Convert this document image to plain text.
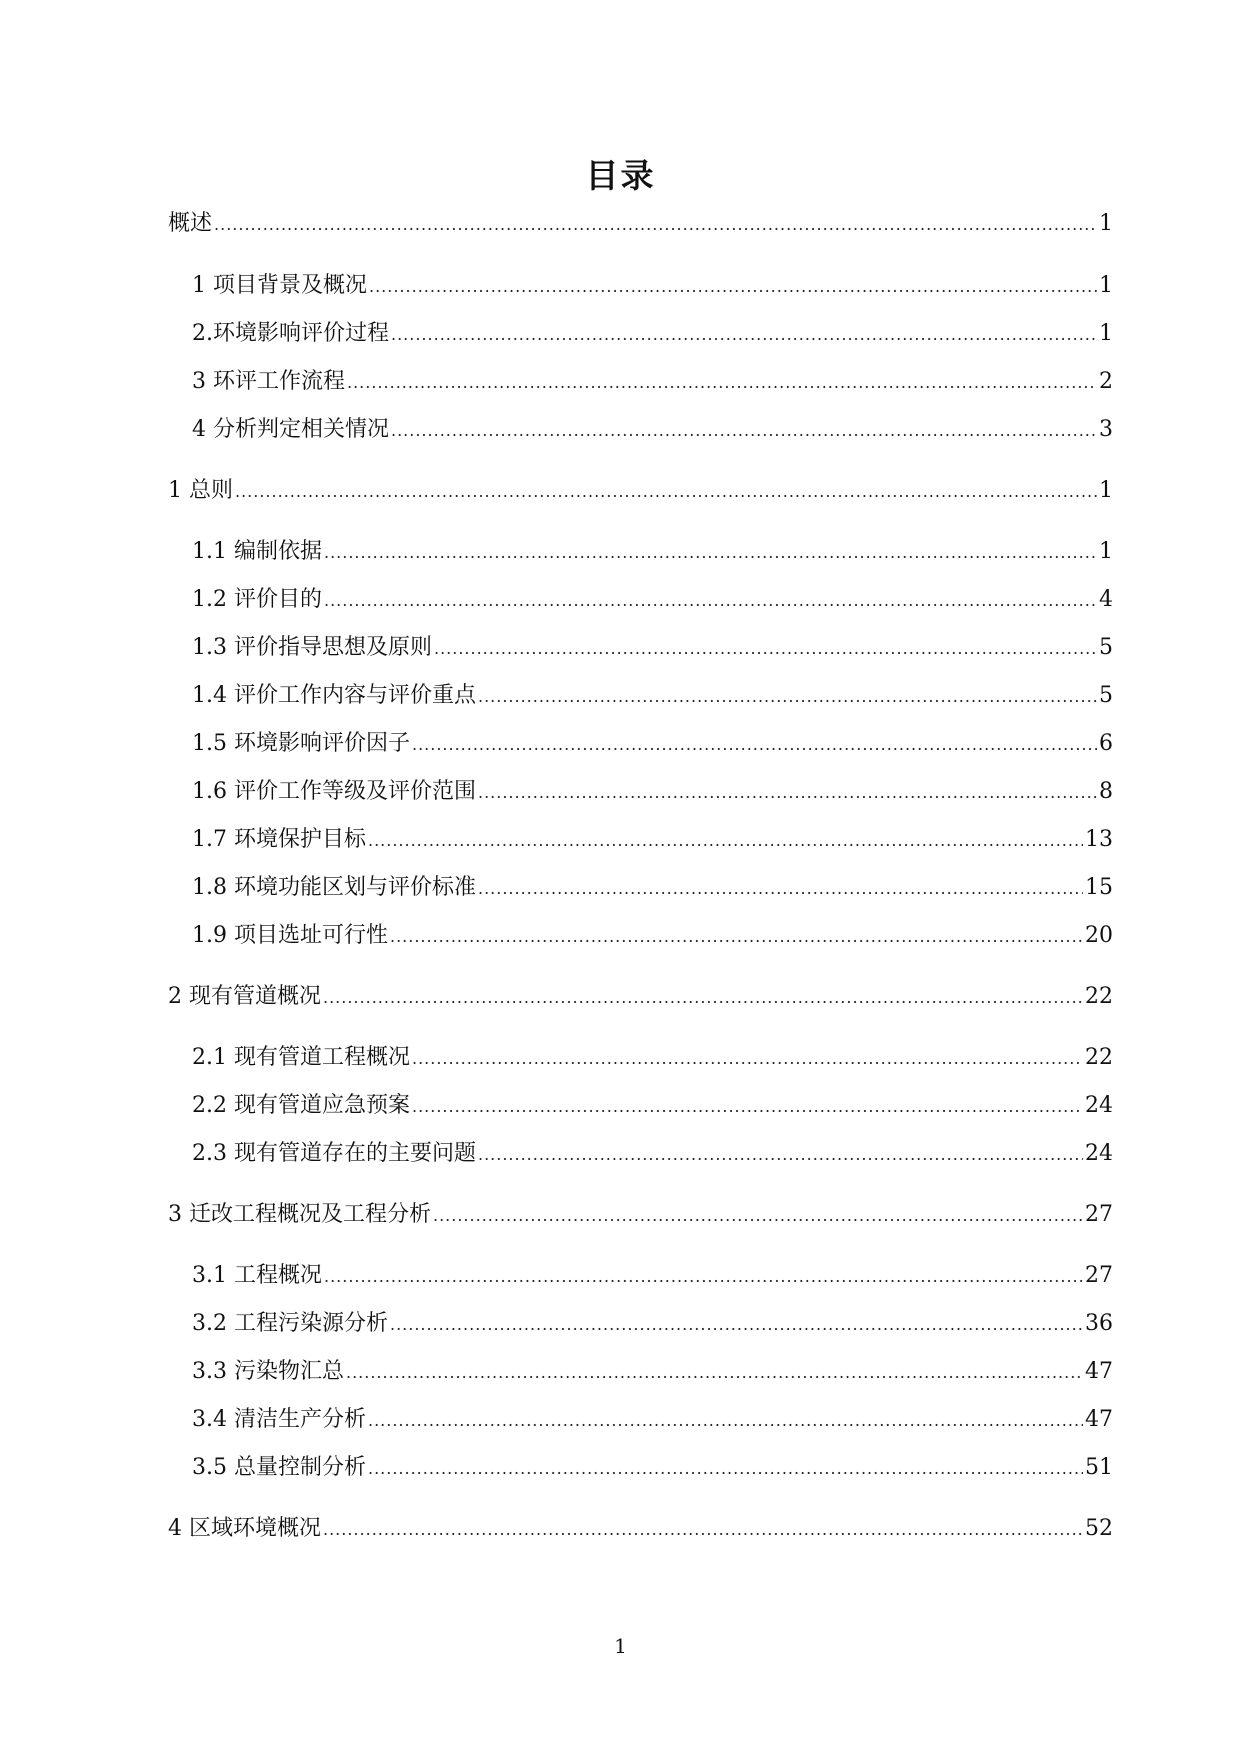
目录
概述 .....	1
1 项目背景及概况 .....	1
2.环境影响评价过程 .....	1
3 环评工作流程 .....	2
4 分析判定相关情况 .....	3
1 总则 .....	1
1.1 编制依据 .....	1
1.2 评价目的 .....	4
1.3 评价指导思想及原则 .....	5
1.4 评价工作内容与评价重点 .....	5
1.5 环境影响评价因子 .....	6
1.6 评价工作等级及评价范围 .....	8
1.7 环境保护目标 .....	13
1.8 环境功能区划与评价标准 .....	15
1.9 项目选址可行性 .....	20
2 现有管道概况 .....	22
2.1 现有管道工程概况 .....	22
2.2 现有管道应急预案 .....	24
2.3 现有管道存在的主要问题 .....	24
3 迁改工程概况及工程分析 .....	27
3.1 工程概况 .....	27
3.2 工程污染源分析 .....	36
3.3 污染物汇总 .....	47
3.4 清洁生产分析 .....	47
3.5 总量控制分析 .....	51
4 区域环境概况 .....	52
1
